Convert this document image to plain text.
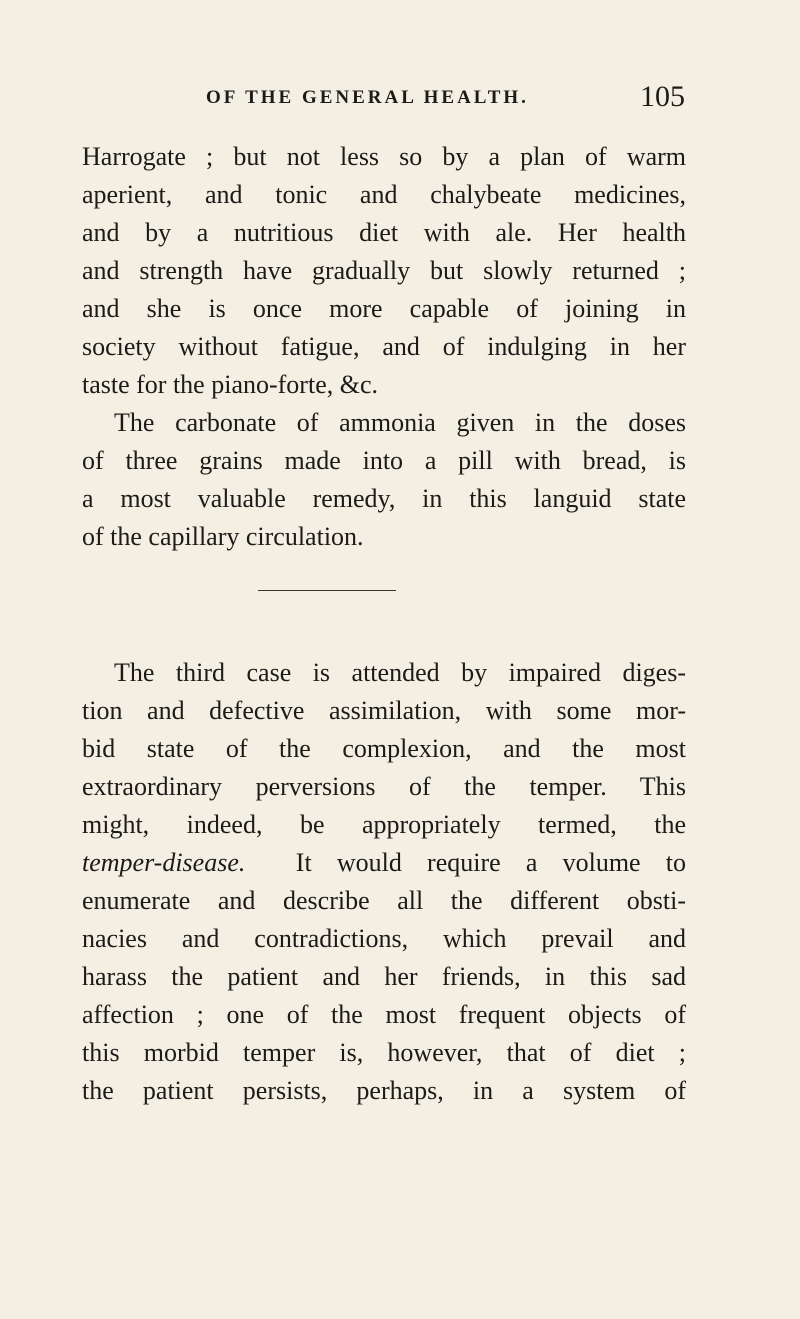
OF THE GENERAL HEALTH.	105
Harrogate ; but not less so by a plan of warm
aperient, and tonic and chalybeate medicines,
and by a nutritious diet with ale. Her health
and strength have gradually but slowly returned ;
and she is once more capable of joining in
society without fatigue, and of indulging in her
taste for the piano-forte, &c.
The carbonate of ammonia given in the doses
of three grains made into a pill with bread, is
a most valuable remedy, in this languid state
of the capillary circulation.
The third case is attended by impaired diges-
tion and defective assimilation, with some mor-
bid state of the complexion, and the most
extraordinary perversions of the temper. This
might, indeed, be appropriately termed, the
temper-disease. It would require a volume to
enumerate and describe all the different obsti-
nacies and contradictions, which prevail and
harass the patient and her friends, in this sad
affection ; one of the most frequent objects of
this morbid temper is, however, that of diet ;
the patient persists, perhaps, in a system of
